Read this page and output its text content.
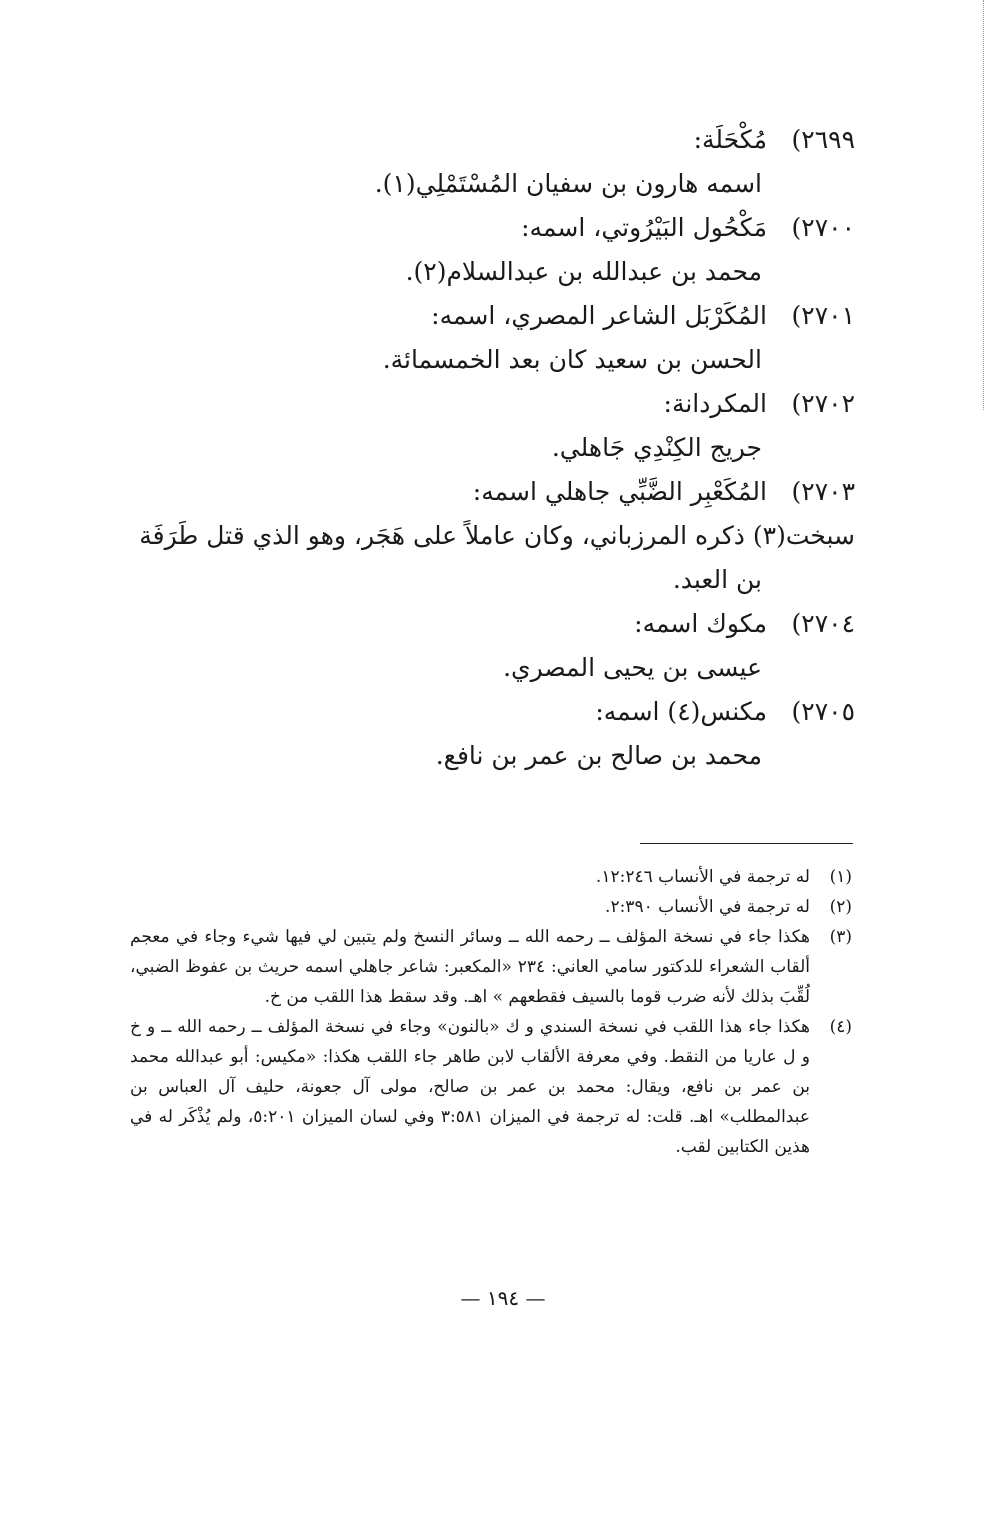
٢٦٩٩)
مُكْحَلَة:
اسمه هارون بن سفيان المُسْتَمْلِي(١).
٢٧٠٠)
مَكْحُول البَيْرُوتي، اسمه:
محمد بن عبدالله بن عبدالسلام(٢).
٢٧٠١)
المُكَرْبَل الشاعر المصري، اسمه:
الحسن بن سعيد كان بعد الخمسمائة.
٢٧٠٢)
المكردانة:
جريج الكِنْدِي جَاهلي.
٢٧٠٣)
المُكَعْبِر الضَّبِّي جاهلي اسمه:
سبخت(٣) ذكره المرزباني، وكان عاملاً على هَجَر، وهو الذي قتل طَرَفَة بن العبد.
٢٧٠٤)
مكوك اسمه:
عيسى بن يحيى المصري.
٢٧٠٥)
مكنس(٤) اسمه:
محمد بن صالح بن عمر بن نافع.
(١)
له ترجمة في الأنساب ١٢:٢٤٦.
(٢)
له ترجمة في الأنساب ٢:٣٩٠.
(٣)
هكذا جاء في نسخة المؤلف ــ رحمه الله ــ وسائر النسخ ولم يتبين لي فيها شيء وجاء في معجم ألقاب الشعراء للدكتور سامي العاني: ٢٣٤ «المكعبر: شاعر جاهلي اسمه حريث بن عفوظ الضبي، لُقِّبَ بذلك لأنه ضرب قوما بالسيف فقطعهم » اهـ. وقد سقط هذا اللقب من خ.
(٤)
هكذا جاء هذا اللقب في نسخة السندي و ك «بالنون» وجاء في نسخة المؤلف ــ رحمه الله ــ و خ و ل عاريا من النقط. وفي معرفة الألقاب لابن طاهر جاء اللقب هكذا: «مكيس: أبو عبدالله محمد بن عمر بن نافع، ويقال: محمد بن عمر بن صالح، مولى آل جعونة، حليف آل العباس بن عبدالمطلب» اهـ. قلت: له ترجمة في الميزان ٣:٥٨١ وفي لسان الميزان ٥:٢٠١، ولم يُذْكَر له في هذين الكتابين لقب.
— ١٩٤ —
